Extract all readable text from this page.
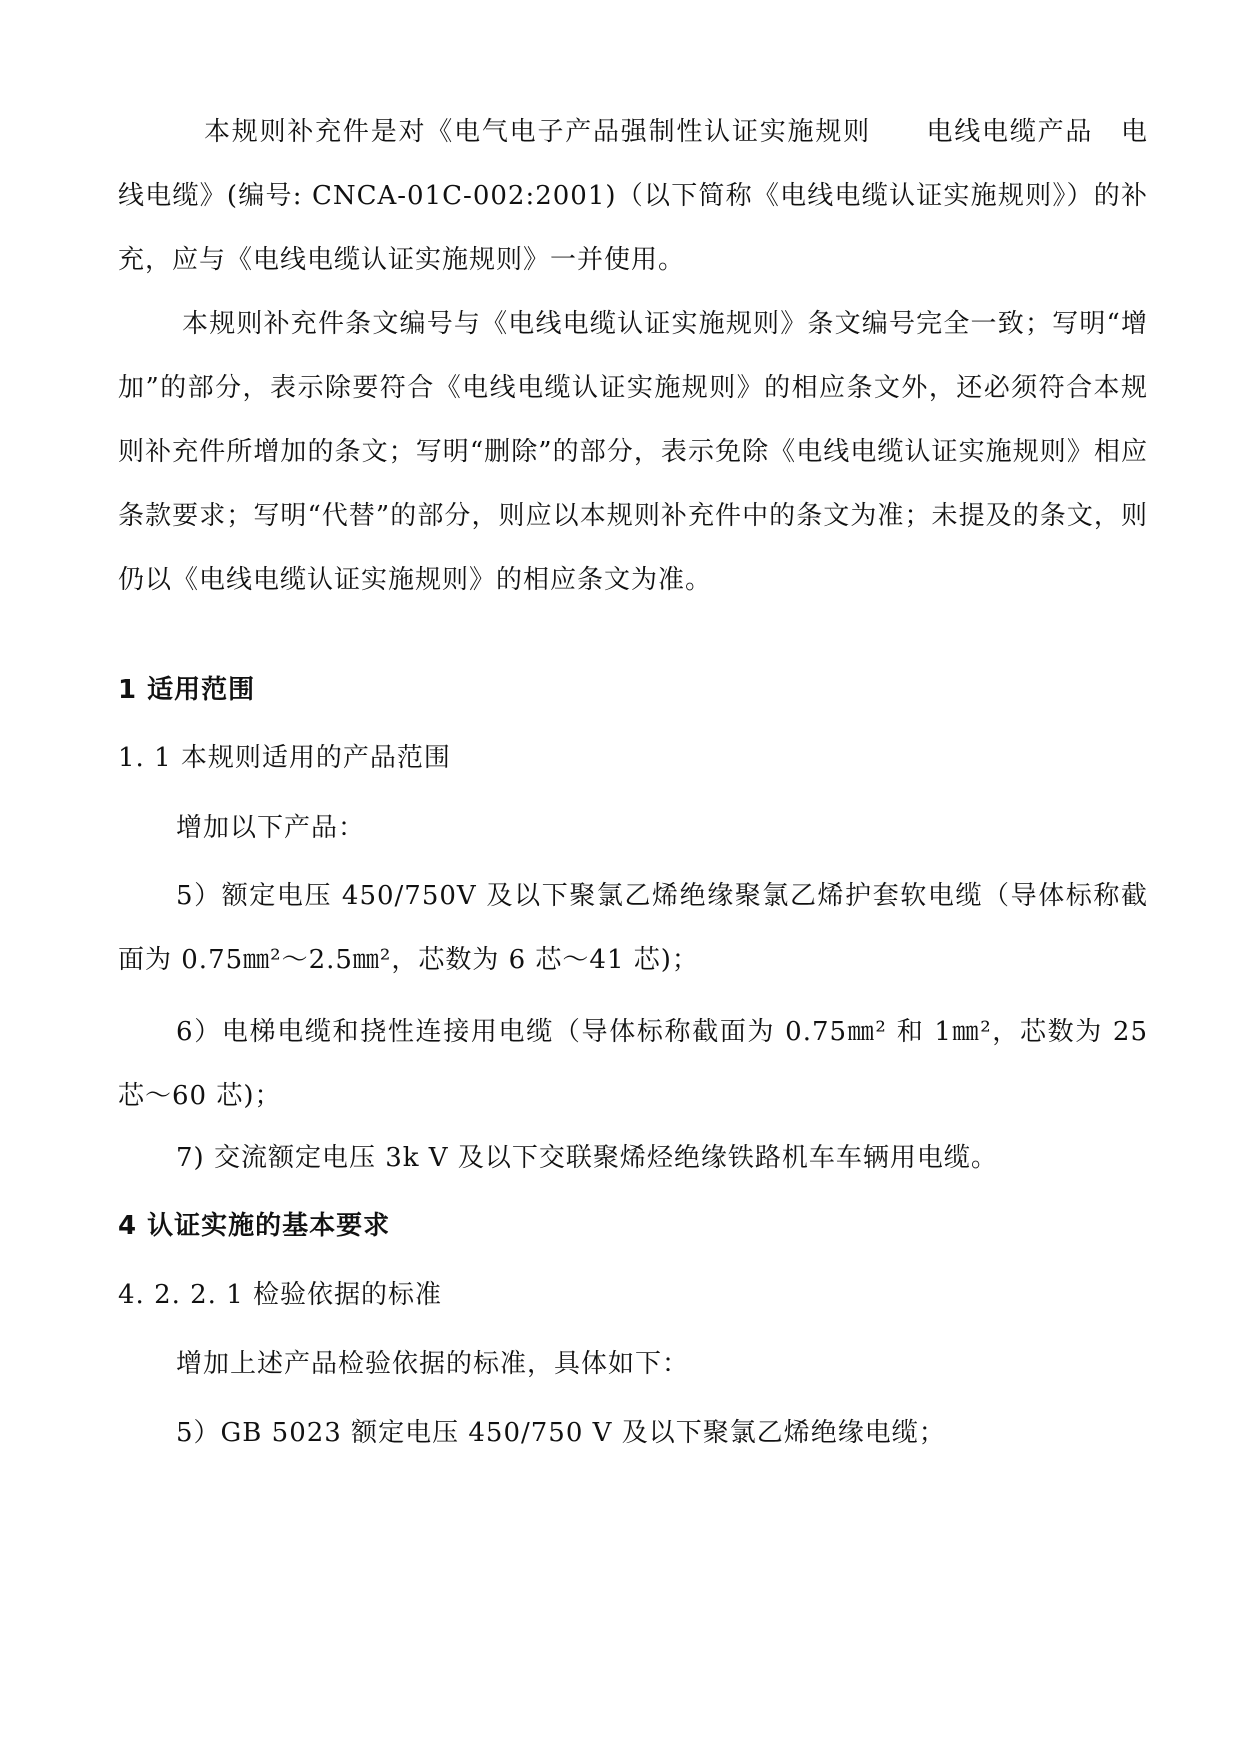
本规则补充件是对《电气电子产品强制性认证实施规则　　电线电缆产品　电线电缆》(编号: CNCA-01C-002:2001)（以下简称《电线电缆认证实施规则》）的补充，应与《电线电缆认证实施规则》一并使用。

本规则补充件条文编号与《电线电缆认证实施规则》条文编号完全一致；写明“增加”的部分，表示除要符合《电线电缆认证实施规则》的相应条文外，还必须符合本规则补充件所增加的条文；写明“删除”的部分，表示免除《电线电缆认证实施规则》相应条款要求；写明“代替”的部分，则应以本规则补充件中的条文为准；未提及的条文，则仍以《电线电缆认证实施规则》的相应条文为准。

1 适用范围

1. 1 本规则适用的产品范围

增加以下产品：

5）额定电压 450/750V 及以下聚氯乙烯绝缘聚氯乙烯护套软电缆（导体标称截面为 0.75㎜²～2.5㎜²，芯数为 6 芯～41 芯)；

6）电梯电缆和挠性连接用电缆（导体标称截面为 0.75㎜² 和 1㎜²，芯数为 25 芯～60 芯)；

7) 交流额定电压 3k V 及以下交联聚烯烃绝缘铁路机车车辆用电缆。

4 认证实施的基本要求

4. 2. 2. 1 检验依据的标准

增加上述产品检验依据的标准，具体如下：

5）GB 5023 额定电压 450/750 V 及以下聚氯乙烯绝缘电缆；
